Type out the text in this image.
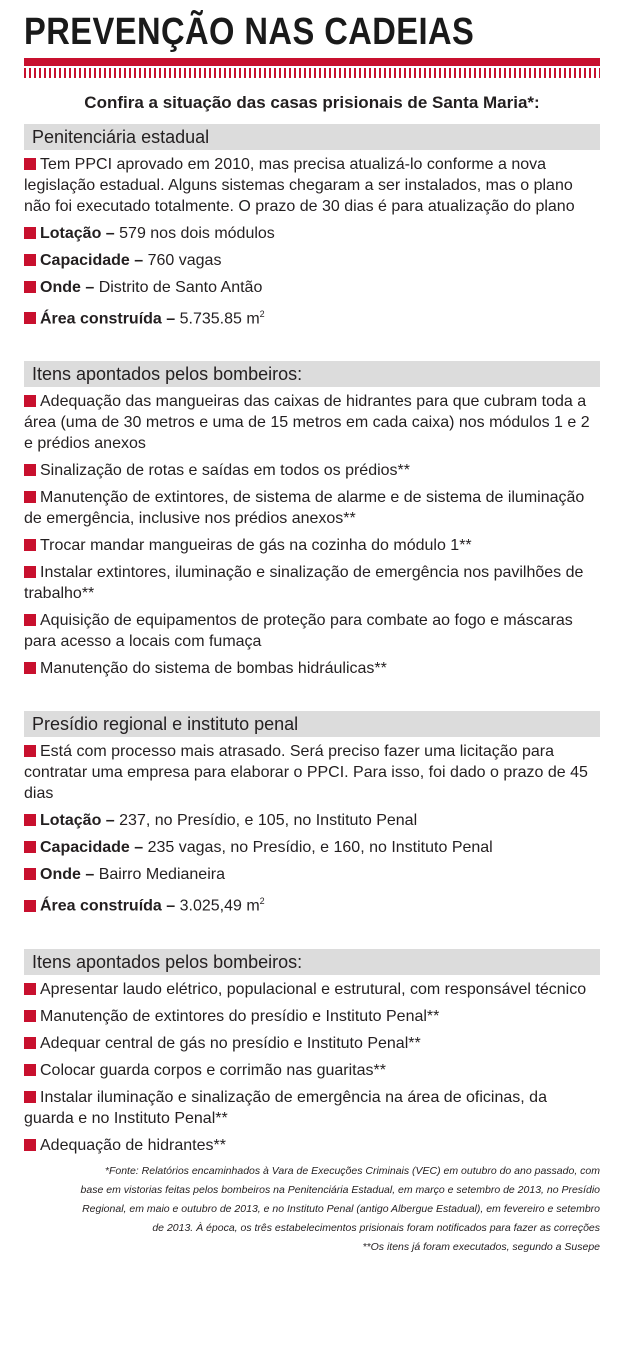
PREVENÇÃO NAS CADEIAS
Confira a situação das casas prisionais de Santa Maria*:
Penitenciária estadual
Tem PPCI aprovado em 2010, mas precisa atualizá-lo conforme a nova legislação estadual. Alguns sistemas chegaram a ser instalados, mas o plano não foi executado totalmente. O prazo de 30 dias é para atualização do plano
Lotação – 579 nos dois módulos
Capacidade – 760 vagas
Onde – Distrito de Santo Antão
Área construída – 5.735.85 $m^2$
Itens apontados pelos bombeiros:
Adequação das mangueiras das caixas de hidrantes para que cubram toda a área (uma de 30 metros e uma de 15 metros em cada caixa) nos módulos 1 e 2 e prédios anexos
Sinalização de rotas e saídas em todos os prédios**
Manutenção de extintores, de sistema de alarme e de sistema de iluminação de emergência, inclusive nos prédios anexos**
Trocar mandar mangueiras de gás na cozinha do módulo 1**
Instalar extintores, iluminação e sinalização de emergência nos pavilhões de trabalho**
Aquisição de equipamentos de proteção para combate ao fogo e máscaras para acesso a locais com fumaça
Manutenção do sistema de bombas hidráulicas**
Presídio regional e instituto penal
Está com processo mais atrasado. Será preciso fazer uma licitação para contratar uma empresa para elaborar o PPCI. Para isso, foi dado o prazo de 45 dias
Lotação – 237, no Presídio, e 105, no Instituto Penal
Capacidade – 235 vagas, no Presídio, e 160, no Instituto Penal
Onde – Bairro Medianeira
Área construída – 3.025,49 $m^2$
Itens apontados pelos bombeiros:
Apresentar laudo elétrico, populacional e estrutural, com responsável técnico
Manutenção de extintores do presídio e Instituto Penal**
Adequar central de gás no presídio e Instituto Penal**
Colocar guarda corpos e corrimão nas guaritas**
Instalar iluminação e sinalização de emergência na área de oficinas, da guarda e no Instituto Penal**
Adequação de hidrantes**
*Fonte: Relatórios encaminhados à Vara de Execuções Criminais (VEC) em outubro do ano passado, com
base em vistorias feitas pelos bombeiros na Penitenciária Estadual, em março e setembro de 2013, no Presídio
Regional, em maio e outubro de 2013, e no Instituto Penal (antigo Albergue Estadual), em fevereiro e setembro
de 2013. À época, os três estabelecimentos prisionais foram notificados para fazer as correções
**Os itens já foram executados, segundo a Susepe
